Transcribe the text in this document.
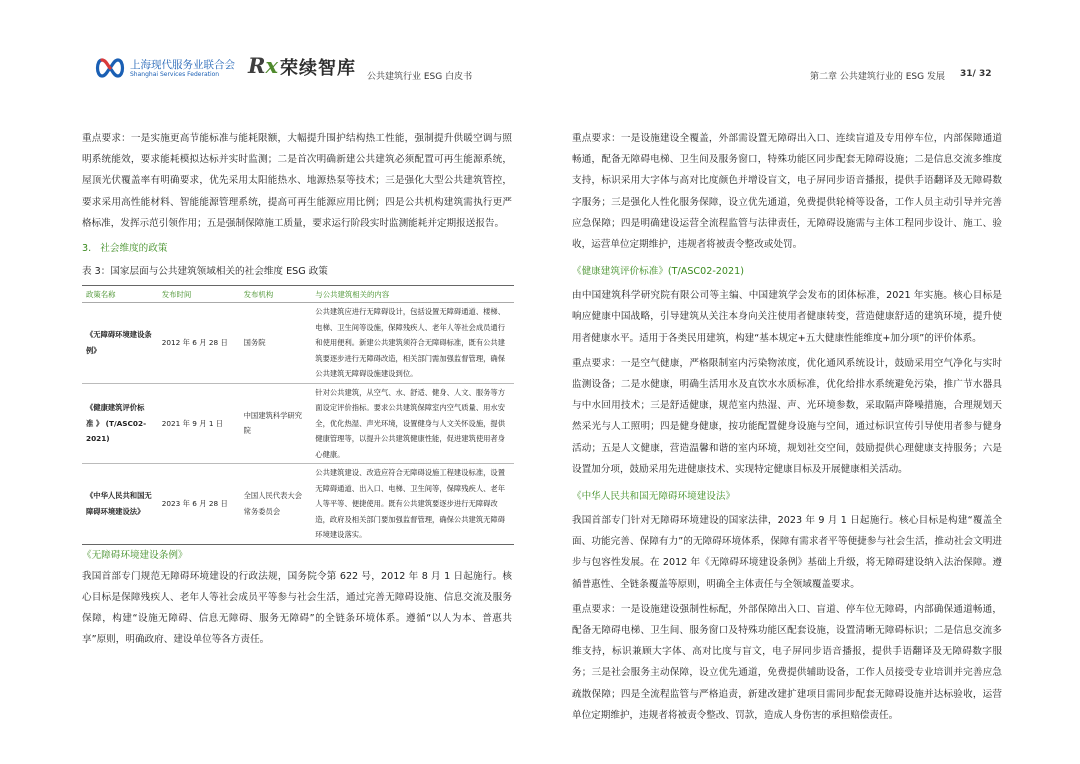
上海现代服务业联合会
Shanghai Services Federation Rx 荣续智库 公共建筑行业 ESG 白皮书	第二章 公共建筑行业的 ESG 发展 31/ 32

重点要求：一是实施更高节能标准与能耗限额，大幅提升围护结构热工性能，强制提升供暖空调与照明系统能效，要求能耗模拟达标并实时监测；二是首次明确新建公共建筑必须配置可再生能源系统，屋顶光伏覆盖率有明确要求，优先采用太阳能热水、地源热泵等技术；三是强化大型公共建筑管控，要求采用高性能材料、智能能源管理系统，提高可再生能源应用比例；四是公共机构建筑需执行更严格标准，发挥示范引领作用；五是强制保障施工质量，要求运行阶段实时监测能耗并定期报送报告。

3.   社会维度的政策
表 3：国家层面与公共建筑领域相关的社会维度 ESG 政策
政策名称	发布时间	发布机构	与公共建筑相关的内容
《无障碍环境建设条例》	2012 年 6 月 28 日	国务院	公共建筑应进行无障碍设计，包括设置无障碍通道、楼梯、电梯、卫生间等设施，保障残疾人、老年人等社会成员通行和使用便利。新建公共建筑须符合无障碍标准，既有公共建筑要逐步进行无障碍改造，相关部门需加强监督管理，确保公共建筑无障碍设施建设到位。
《健康建筑评价标 准 》 (T/ASC02-2021)	2021 年 9 月 1 日	中国建筑科学研究院	针对公共建筑，从空气、水、舒适、健身、人文、服务等方面设定评价指标。要求公共建筑保障室内空气质量、用水安全，优化热湿、声光环境，设置健身与人文关怀设施，提供健康管理等，以提升公共建筑健康性能，促进建筑使用者身心健康。
《中华人民共和国无障碍环境建设法》	2023 年 6 月 28 日	全国人民代表大会常务委员会	公共建筑建设、改造应符合无障碍设施工程建设标准，设置无障碍通道、出入口、电梯、卫生间等，保障残疾人、老年人等平等、便捷使用。既有公共建筑要逐步进行无障碍改造，政府及相关部门要加强监督管理，确保公共建筑无障碍环境建设落实。
《无障碍环境建设条例》

我国首部专门规范无障碍环境建设的行政法规，国务院令第 622 号，2012 年 8 月 1 日起施行。核心目标是保障残疾人、老年人等社会成员平等参与社会生活，通过完善无障碍设施、信息交流及服务保障，构建“设施无障碍、信息无障碍、服务无障碍”的全链条环境体系。遵循“以人为本、普惠共享”原则，明确政府、建设单位等各方责任。

重点要求：一是设施建设全覆盖，外部需设置无障碍出入口、连续盲道及专用停车位，内部保障通道畅通，配备无障碍电梯、卫生间及服务窗口，特殊功能区同步配套无障碍设施；二是信息交流多维度支持，标识采用大字体与高对比度颜色并增设盲文，电子屏同步语音播报，提供手语翻译及无障碍数字服务；三是强化人性化服务保障，设立优先通道，免费提供轮椅等设备，工作人员主动引导并完善应急保障；四是明确建设运营全流程监管与法律责任，无障碍设施需与主体工程同步设计、施工、验收，运营单位定期维护，违规者将被责令整改或处罚。

《健康建筑评价标准》(T/ASC02-2021)

由中国建筑科学研究院有限公司等主编、中国建筑学会发布的团体标准，2021 年实施。核心目标是响应健康中国战略，引导建筑从关注本身向关注使用者健康转变，营造健康舒适的建筑环境，提升使用者健康水平。适用于各类民用建筑，构建“基本规定+五大健康性能维度+加分项”的评价体系。

重点要求：一是空气健康，严格限制室内污染物浓度，优化通风系统设计，鼓励采用空气净化与实时监测设备；二是水健康，明确生活用水及直饮水水质标准，优化给排水系统避免污染，推广节水器具与中水回用技术；三是舒适健康，规范室内热湿、声、光环境参数，采取隔声降噪措施，合理规划天然采光与人工照明；四是健身健康，按功能配置健身设施与空间，通过标识宣传引导使用者参与健身活动；五是人文健康，营造温馨和谐的室内环境，规划社交空间，鼓励提供心理健康支持服务；六是设置加分项，鼓励采用先进健康技术、实现特定健康目标及开展健康相关活动。

《中华人民共和国无障碍环境建设法》

我国首部专门针对无障碍环境建设的国家法律，2023 年 9 月 1 日起施行。核心目标是构建“覆盖全面、功能完善、保障有力”的无障碍环境体系，保障有需求者平等便捷参与社会生活，推动社会文明进步与包容性发展。在 2012 年《无障碍环境建设条例》基础上升级，将无障碍建设纳入法治保障。遵循普惠性、全链条覆盖等原则，明确全主体责任与全领域覆盖要求。

重点要求：一是设施建设强制性标配，外部保障出入口、盲道、停车位无障碍，内部确保通道畅通，配备无障碍电梯、卫生间、服务窗口及特殊功能区配套设施，设置清晰无障碍标识；二是信息交流多维支持，标识兼顾大字体、高对比度与盲文，电子屏同步语音播报，提供手语翻译及无障碍数字服务；三是社会服务主动保障，设立优先通道，免费提供辅助设备，工作人员接受专业培训并完善应急疏散保障；四是全流程监管与严格追责，新建改建扩建项目需同步配套无障碍设施并达标验收，运营单位定期维护，违规者将被责令整改、罚款，造成人身伤害的承担赔偿责任。
